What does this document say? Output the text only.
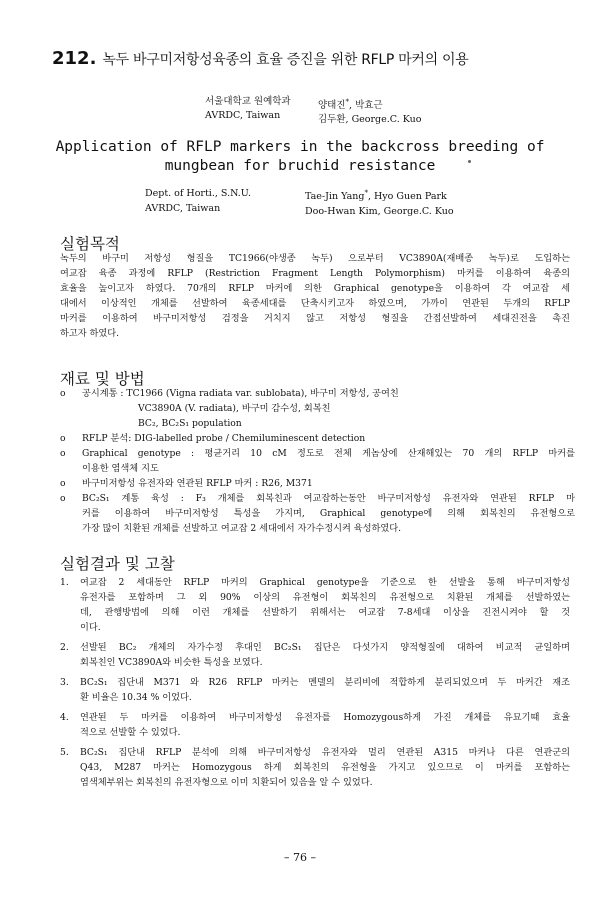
212. 녹두 바구미저항성육종의 효율 증진을 위한 RFLP 마커의 이용
서울대학교 원예학과
AVRDC, Taiwan
양태진*, 박효근
김두환, George.C. Kuo
Application of RFLP markers in the backcross breeding of
mungbean for bruchid resistance
Dept. of Horti., S.N.U.
AVRDC, Taiwan
Tae-Jin Yang*, Hyo Guen Park
Doo-Hwan Kim, George.C. Kuo
실험목적
녹두의 바구미 저항성 형질을 TC1966(야생종 녹두) 으로부터 VC3890A(재배종 녹두)로 도입하는
여교잡 육종 과정에 RFLP (Restriction Fragment Length Polymorphism) 마커를 이용하여 육종의
효율을 높이고자 하였다. 70개의 RFLP 마커에 의한 Graphical genotype을 이용하여 각 여교잡 세
대에서 이상적인 개체를 선발하여 육종세대를 단축시키고자 하였으며, 가까이 연관된 두개의 RFLP
마커를 이용하여 바구미저항성 검정을 거치지 않고 저항성 형질을 간접선발하여 세대진전을 촉진
하고자 하였다.
재료 및 방법
o 공시계통 : TC1966 (Vigna radiata var. sublobata), 바구미 저항성, 공여친
VC3890A (V. radiata), 바구미 감수성, 회복친
BC₂, BC₂S₁ population
o RFLP 분석: DIG-labelled probe / Chemiluminescent detection
o Graphical genotype : 평균거리 10 cM 정도로 전체 게놈상에 산재해있는 70 개의 RFLP 마커를
이용한 염색체 지도
o 바구미저항성 유전자와 연관된 RFLP 마커 : R26, M371
o BC₂S₁ 계통 육성 : F₃ 개체를 회복친과 여교잡하는동안 바구미저항성 유전자와 연관된 RFLP 마
커를 이용하여 바구미저항성 특성을 가지며, Graphical genotype에 의해 회복친의 유전형으로
가장 많이 치환된 개체를 선발하고 여교잡 2 세대에서 자가수정시켜 육성하였다.
실험결과 및 고찰
1. 여교잡 2 세대동안 RFLP 마커의 Graphical genotype을 기준으로 한 선발을 통해 바구미저항성
유전자를 포함하며 그 외 90% 이상의 유전형이 회복친의 유전형으로 치환된 개체를 선발하였는
데, 관행방법에 의해 이런 개체를 선발하기 위해서는 여교잡 7-8세대 이상을 진전시켜야 할 것
이다.
2. 선발된 BC₂ 개체의 자가수정 후대인 BC₂S₁ 집단은 다섯가지 양적형질에 대하여 비교적 균일하며
회복친인 VC3890A와 비슷한 특성을 보였다.
3. BC₂S₁ 집단내 M371 와 R26 RFLP 마커는 멘델의 분리비에 적합하게 분리되었으며 두 마커간 재조
환 비율은 10.34 % 이었다.
4. 연관된 두 마커를 이용하여 바구미저항성 유전자를 Homozygous하게 가진 개체를 유묘기때 효율
적으로 선발할 수 있었다.
5. BC₂S₁ 집단내 RFLP 분석에 의해 바구미저항성 유전자와 멀리 연관된 A315 마커나 다른 연관군의
Q43, M287 마커는 Homozygous 하게 회복친의 유전형을 가지고 있으므로 이 마커를 포함하는
염색체부위는 회복친의 유전자형으로 이미 치환되어 있음을 알 수 있었다.
– 76 –
